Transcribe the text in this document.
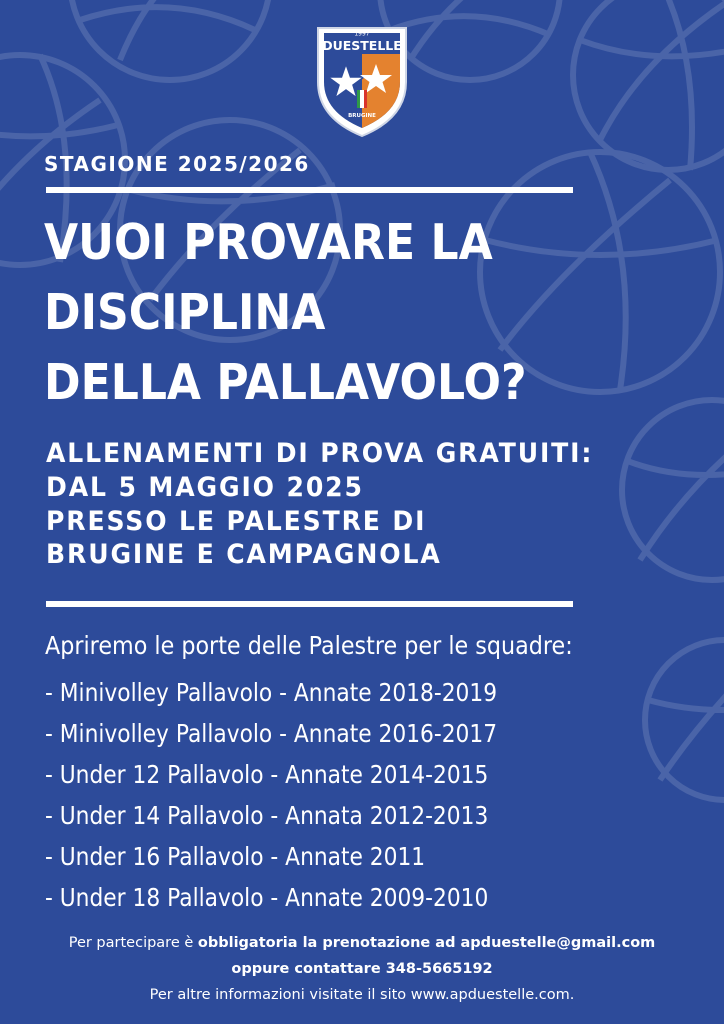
1997
DUESTELLE
BRUGINE
STAGIONE 2025/2026
VUOI PROVARE LA
DISCIPLINA
DELLA PALLAVOLO?
ALLENAMENTI DI PROVA GRATUITI:
DAL 5 MAGGIO 2025
PRESSO LE PALESTRE DI
BRUGINE E CAMPAGNOLA

Apriremo le porte delle Palestre per le squadre:

- Minivolley Pallavolo - Annate 2018-2019
- Minivolley Pallavolo - Annate 2016-2017
- Under 12 Pallavolo - Annate 2014-2015
- Under 14 Pallavolo - Annata 2012-2013
- Under 16 Pallavolo - Annate 2011
- Under 18 Pallavolo - Annate 2009-2010
Per partecipare è obbligatoria la prenotazione ad apduestelle@gmail.com
oppure contattare 348-5665192
Per altre informazioni visitate il sito www.apduestelle.com.
